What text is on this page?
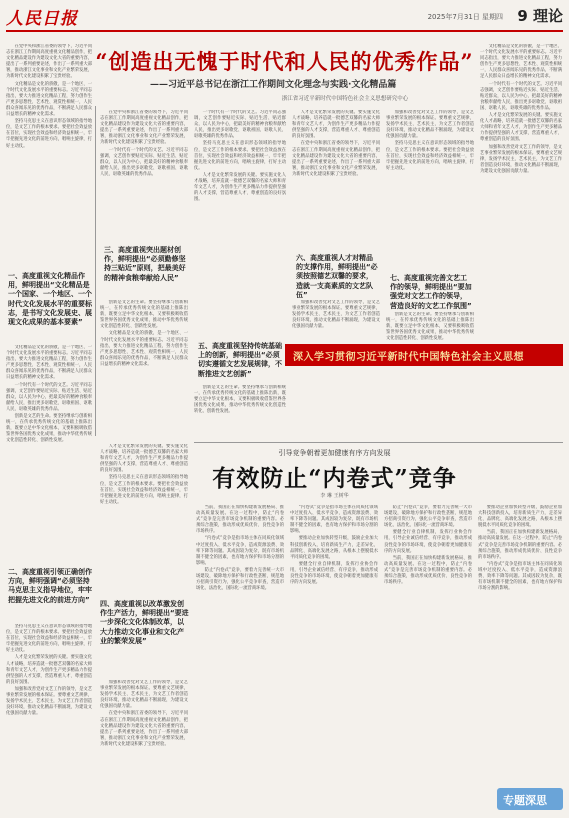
人民日报	2025年7月31日 星期四 9 理论
“创造出无愧于时代和人民的优秀作品”
——习近平总书记在浙江工作期间文化理念与实践·文化精品篇
浙江省习近平新时代中国特色社会主义思想研究中心

在党中央和浙江省委的领导下，习近平同志在浙江工作期间高度重视文化精品创作，把文化精品建设作为建设文化大省的重要内容，提出了一系列重要论述，作出了一系列重大部署，推动浙江文化事业和文化产业繁荣发展，为新时代文化建设积累了宝贵经验。

文化精品是文化的骄傲，是一个地区、一个时代文化发展水平的重要标志。习近平同志指出，要大力推进文化精品工程，努力创作生产更多思想性、艺术性、观赏性相统一，人民群众喜闻乐见的优秀作品，不断满足人民群众日益增长的精神文化需求。

坚持马克思主义在意识形态领域的指导地位，是文艺工作的根本要求。要把社会效益放在首位，实现社会效益和经济效益相统一，牢牢把握先进文化的前进方向，唱响主旋律，打好主动仗。

一、高度重视文化精品作用，鲜明提出“文化精品是一个国家、一个地区、一个时代文化发展水平的重要标志，是书写文化发展史、展现文化成果的基本要素”

文化精品是文化的骄傲，是一个地区、一个时代文化发展水平的重要标志。习近平同志指出，要大力推进文化精品工程，努力创作生产更多思想性、艺术性、观赏性相统一，人民群众喜闻乐见的优秀作品，不断满足人民群众日益增长的精神文化需求。

一个时代有一个时代的文艺。习近平同志强调，文艺创作要贴近实际、贴近生活、贴近群众，以人民为中心，把最美好的精神食粮奉献给人民，推出更多讴歌党、讴歌祖国、讴歌人民、讴歌英雄的优秀作品。

创新是文艺的生命。要坚持继承与创新相统一，在传承优秀传统文化的基础上推陈出新，既要立足中华文化根本，又要积极吸收借鉴世界各国优秀文化成果，推动中华优秀传统文化创造性转化、创新性发展。

二、高度重视引领正确创作方向，鲜明强调“必须坚持马克思主义指导地位，牢牢把握先进文化的前进方向”

坚持马克思主义在意识形态领域的指导地位，是文艺工作的根本要求。要把社会效益放在首位，实现社会效益和经济效益相统一，牢牢把握先进文化的前进方向，唱响主旋律，打好主动仗。

人才是文化繁荣发展的关键。要实施文化人才战略，培养造就一批德艺双馨的名家大师和青年文艺人才，为创作生产更多精品力作提供坚强的人才支撑，营造尊重人才、尊重创造的良好氛围。

加强和改善党对文艺工作的领导，是文艺事业繁荣发展的根本保证。要尊重文艺规律，发扬学术民主、艺术民主，为文艺工作者创造良好环境，推动文化精品不断涌现，为建设文化强国贡献力量。

在党中央和浙江省委的领导下，习近平同志在浙江工作期间高度重视文化精品创作，把文化精品建设作为建设文化大省的重要内容，提出了一系列重要论述，作出了一系列重大部署，推动浙江文化事业和文化产业繁荣发展，为新时代文化建设积累了宝贵经验。

一个时代有一个时代的文艺。习近平同志强调，文艺创作要贴近实际、贴近生活、贴近群众，以人民为中心，把最美好的精神食粮奉献给人民，推出更多讴歌党、讴歌祖国、讴歌人民、讴歌英雄的优秀作品。

三、高度重视突出题材创作，鲜明提出“必须勤修坚持三贴近”原则，把最美好的精神食粮奉献给人民”

创新是文艺的生命。要坚持继承与创新相统一，在传承优秀传统文化的基础上推陈出新，既要立足中华文化根本，又要积极吸收借鉴世界各国优秀文化成果，推动中华优秀传统文化创造性转化、创新性发展。

文化精品是文化的骄傲，是一个地区、一个时代文化发展水平的重要标志。习近平同志指出，要大力推进文化精品工程，努力创作生产更多思想性、艺术性、观赏性相统一，人民群众喜闻乐见的优秀作品，不断满足人民群众日益增长的精神文化需求。

一个时代有一个时代的文艺。习近平同志强调，文艺创作要贴近实际、贴近生活、贴近群众，以人民为中心，把最美好的精神食粮奉献给人民，推出更多讴歌党、讴歌祖国、讴歌人民、讴歌英雄的优秀作品。

坚持马克思主义在意识形态领域的指导地位，是文艺工作的根本要求。要把社会效益放在首位，实现社会效益和经济效益相统一，牢牢把握先进文化的前进方向，唱响主旋律，打好主动仗。

人才是文化繁荣发展的关键。要实施文化人才战略，培养造就一批德艺双馨的名家大师和青年文艺人才，为创作生产更多精品力作提供坚强的人才支撑，营造尊重人才、尊重创造的良好氛围。

五、高度重视坚持传统基础上的创新，鲜明提出“必须切实遵循文艺发展规律，不断推进文艺创新”

创新是文艺的生命。要坚持继承与创新相统一，在传承优秀传统文化的基础上推陈出新，既要立足中华文化根本，又要积极吸收借鉴世界各国优秀文化成果，推动中华优秀传统文化创造性转化、创新性发展。

人才是文化繁荣发展的关键。要实施文化人才战略，培养造就一批德艺双馨的名家大师和青年文艺人才，为创作生产更多精品力作提供坚强的人才支撑，营造尊重人才、尊重创造的良好氛围。

在党中央和浙江省委的领导下，习近平同志在浙江工作期间高度重视文化精品创作，把文化精品建设作为建设文化大省的重要内容，提出了一系列重要论述，作出了一系列重大部署，推动浙江文化事业和文化产业繁荣发展，为新时代文化建设积累了宝贵经验。

六、高度重视人才对精品的支撑作用，鲜明提出“必须按照德艺双馨的要求，造就一支高素质的文艺队伍”

加强和改善党对文艺工作的领导，是文艺事业繁荣发展的根本保证。要尊重文艺规律，发扬学术民主、艺术民主，为文艺工作者创造良好环境，推动文化精品不断涌现，为建设文化强国贡献力量。

加强和改善党对文艺工作的领导，是文艺事业繁荣发展的根本保证。要尊重文艺规律，发扬学术民主、艺术民主，为文艺工作者创造良好环境，推动文化精品不断涌现，为建设文化强国贡献力量。

坚持马克思主义在意识形态领域的指导地位，是文艺工作的根本要求。要把社会效益放在首位，实现社会效益和经济效益相统一，牢牢把握先进文化的前进方向，唱响主旋律，打好主动仗。

七、高度重视完善文艺工作的领导，鲜明提出“要加强党对文艺工作的领导，营造良好的文艺工作氛围”

创新是文艺的生命。要坚持继承与创新相统一，在传承优秀传统文化的基础上推陈出新，既要立足中华文化根本，又要积极吸收借鉴世界各国优秀文化成果，推动中华优秀传统文化创造性转化、创新性发展。

文化精品是文化的骄傲，是一个地区、一个时代文化发展水平的重要标志。习近平同志指出，要大力推进文化精品工程，努力创作生产更多思想性、艺术性、观赏性相统一，人民群众喜闻乐见的优秀作品，不断满足人民群众日益增长的精神文化需求。

一个时代有一个时代的文艺。习近平同志强调，文艺创作要贴近实际、贴近生活、贴近群众，以人民为中心，把最美好的精神食粮奉献给人民，推出更多讴歌党、讴歌祖国、讴歌人民、讴歌英雄的优秀作品。

人才是文化繁荣发展的关键。要实施文化人才战略，培养造就一批德艺双馨的名家大师和青年文艺人才，为创作生产更多精品力作提供坚强的人才支撑，营造尊重人才、尊重创造的良好氛围。

加强和改善党对文艺工作的领导，是文艺事业繁荣发展的根本保证。要尊重文艺规律，发扬学术民主、艺术民主，为文艺工作者创造良好环境，推动文化精品不断涌现，为建设文化强国贡献力量。

四、高度重视以改革激发创作生产活力，鲜明提出“要进一步深化文化体制改革，以大力推动文化事业和文化产业的繁荣发展”

人才是文化繁荣发展的关键。要实施文化人才战略，培养造就一批德艺双馨的名家大师和青年文艺人才，为创作生产更多精品力作提供坚强的人才支撑，营造尊重人才、尊重创造的良好氛围。

坚持马克思主义在意识形态领域的指导地位，是文艺工作的根本要求。要把社会效益放在首位，实现社会效益和经济效益相统一，牢牢把握先进文化的前进方向，唱响主旋律，打好主动仗。

加强和改善党对文艺工作的领导，是文艺事业繁荣发展的根本保证。要尊重文艺规律，发扬学术民主、艺术民主，为文艺工作者创造良好环境，推动文化精品不断涌现，为建设文化强国贡献力量。

在党中央和浙江省委的领导下，习近平同志在浙江工作期间高度重视文化精品创作，把文化精品建设作为建设文化大省的重要内容，提出了一系列重要论述，作出了一系列重大部署，推动浙江文化事业和文化产业繁荣发展，为新时代文化建设积累了宝贵经验。

深入学习贯彻习近平新时代中国特色社会主义思想
引导竞争朝着更加健康有序方向发展
有效防止“内卷式”竞争
李 琳 王树华

当前，我国正在加快构建新发展格局、推动高质量发展。在这一过程中，防止“内卷式”竞争是完善市场竞争机制的重要内容。必须综合施策，推动形成优质优价、良性竞争的市场秩序。

“内卷式”竞争是指市场主体在同质化领域中过度投入、低水平竞争，造成资源浪费、效率下降等问题。其成因较为复杂，既有市场机制不健全的因素，也有地方保护和市场分割的影响。

防止“内卷式”竞争，要着力完善统一大市场建设，破除地方保护和行政性垄断，规范地方招商引资行为，强化公平竞争审查，营造市场化、法治化、国际化一流营商环境。

“内卷式”竞争是指市场主体在同质化领域中过度投入、低水平竞争，造成资源浪费、效率下降等问题。其成因较为复杂，既有市场机制不健全的因素，也有地方保护和市场分割的影响。

要推动企业加快转型升级，鼓励企业加大科技创新投入，培育新质生产力，走差异化、品牌化、高端化发展之路，从根本上摆脱低水平同质化竞争的困境。

要健全行业自律机制，发挥行业协会作用，引导企业诚信经营、有序竞争，推动形成良性竞争的市场环境，使竞争朝着更加健康有序的方向发展。

防止“内卷式”竞争，要着力完善统一大市场建设，破除地方保护和行政性垄断，规范地方招商引资行为，强化公平竞争审查，营造市场化、法治化、国际化一流营商环境。

要健全行业自律机制，发挥行业协会作用，引导企业诚信经营、有序竞争，推动形成良性竞争的市场环境，使竞争朝着更加健康有序的方向发展。

当前，我国正在加快构建新发展格局、推动高质量发展。在这一过程中，防止“内卷式”竞争是完善市场竞争机制的重要内容。必须综合施策，推动形成优质优价、良性竞争的市场秩序。

要推动企业加快转型升级，鼓励企业加大科技创新投入，培育新质生产力，走差异化、品牌化、高端化发展之路，从根本上摆脱低水平同质化竞争的困境。

当前，我国正在加快构建新发展格局、推动高质量发展。在这一过程中，防止“内卷式”竞争是完善市场竞争机制的重要内容。必须综合施策，推动形成优质优价、良性竞争的市场秩序。

“内卷式”竞争是指市场主体在同质化领域中过度投入、低水平竞争，造成资源浪费、效率下降等问题。其成因较为复杂，既有市场机制不健全的因素，也有地方保护和市场分割的影响。

专题深思
